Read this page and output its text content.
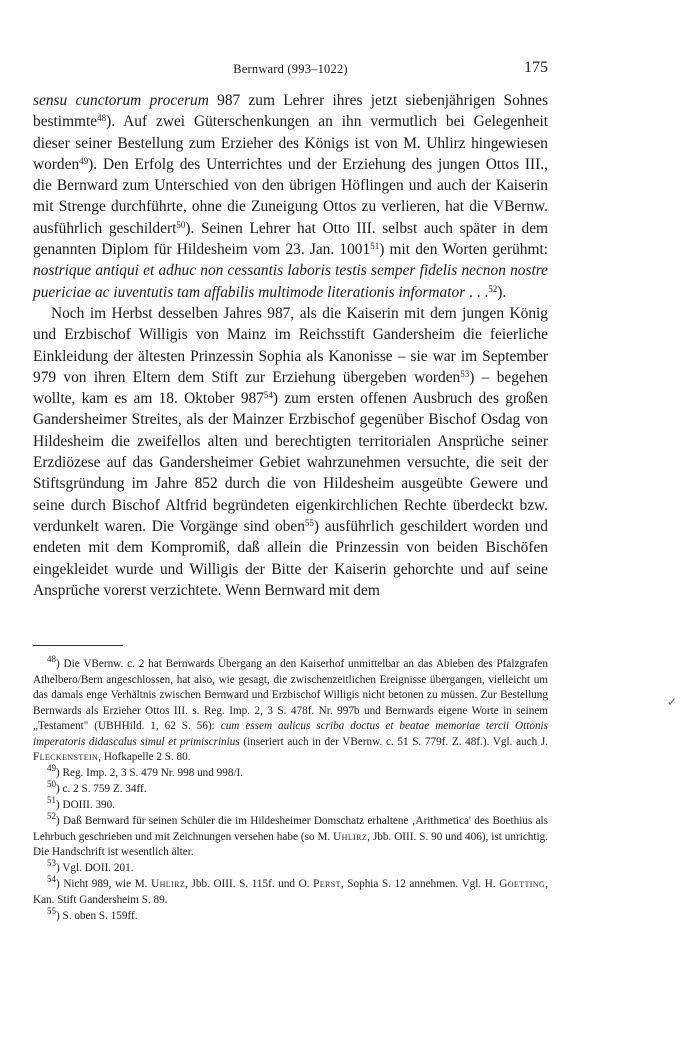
Bernward (993–1022)	175

sensu cunctorum procerum 987 zum Lehrer ihres jetzt siebenjährigen Sohnes bestimmte$^{48}$). Auf zwei Güterschenkungen an ihn vermutlich bei Gelegenheit dieser seiner Bestellung zum Erzieher des Königs ist von M. Uhlirz hingewiesen worden$^{49}$). Den Erfolg des Unterrichtes und der Erziehung des jungen Ottos III., die Bernward zum Unterschied von den übrigen Höflingen und auch der Kaiserin mit Strenge durchführte, ohne die Zuneigung Ottos zu verlieren, hat die VBernw. ausführlich geschildert$^{50}$). Seinen Lehrer hat Otto III. selbst auch später in dem genannten Diplom für Hildesheim vom 23. Jan. 1001$^{51}$) mit den Worten gerühmt: nostrique antiqui et adhuc non cessantis laboris testis semper fidelis necnon nostre puericiae ac iuventutis tam affabilis multimode literationis informator . . .$^{52}$).

Noch im Herbst desselben Jahres 987, als die Kaiserin mit dem jungen König und Erzbischof Willigis von Mainz im Reichsstift Gandersheim die feierliche Einkleidung der ältesten Prinzessin Sophia als Kanonisse – sie war im September 979 von ihren Eltern dem Stift zur Erziehung übergeben worden$^{53}$) – begehen wollte, kam es am 18. Oktober $987^{54}$) zum ersten offenen Ausbruch des großen Gandersheimer Streites, als der Mainzer Erzbischof gegenüber Bischof Osdag von Hildesheim die zweifellos alten und berechtigten territorialen Ansprüche seiner Erzdiözese auf das Gandersheimer Gebiet wahrzunehmen versuchte, die seit der Stiftsgründung im Jahre 852 durch die von Hildesheim ausgeübte Gewere und seine durch Bischof Altfrid begründeten eigenkirchlichen Rechte überdeckt bzw. verdunkelt waren. Die Vorgänge sind oben$^{55}$) ausführlich geschildert worden und endeten mit dem Kompromiß, daß allein die Prinzessin von beiden Bischöfen eingekleidet wurde und Willigis der Bitte der Kaiserin gehorchte und auf seine Ansprüche vorerst verzichtete. Wenn Bernward mit dem

$^{48}$) Die VBernw. c. 2 hat Bernwards Übergang an den Kaiserhof unmittelbar an das Ableben des Pfalzgrafen Athelbero/Bern angeschlossen, hat also, wie gesagt, die zwischenzeitlichen Ereignisse übergangen, vielleicht um das damals enge Verhältnis zwischen Bernward und Erzbischof Willigis nicht betonen zu müssen. Zur Bestellung Bernwards als Erzieher Ottos III. s. Reg. Imp. 2, 3 S. 478f. Nr. 997b und Bernwards eigene Worte in seinem „Testament" (UBHHild. 1, 62 S. 56): cum essem aulicus scriba doctus et beatae memoriae tercii Ottonis imperatoris didascalus simul et primiscrinius (inseriert auch in der VBernw. c. 51 S. 779f. Z. 48f.). Vgl. auch J. Fleckenstein, Hofkapelle 2 S. 80.

$^{49}$) Reg. Imp. 2, 3 S. 479 Nr. 998 und 998/I.

$^{50}$) c. 2 S. 759 Z. 34ff.

$^{51}$) DOIII. 390.

$^{52}$) Daß Bernward für seinen Schüler die im Hildesheimer Domschatz erhaltene ‚Arithmetica' des Boethius als Lehrbuch geschrieben und mit Zeichnungen versehen habe (so M. Uhlirz, Jbb. OIII. S. 90 und 406), ist unrichtig. Die Handschrift ist wesentlich älter.

$^{53}$) Vgl. DOII. 201.

$^{54}$) Nicht 989, wie M. Uhlirz, Jbb. OIII. S. 115f. und O. Perst, Sophia S. 12 annehmen. Vgl. H. Goetting, Kan. Stift Gandersheim S. 89.

$^{55}$) S. oben S. 159ff.

✓
